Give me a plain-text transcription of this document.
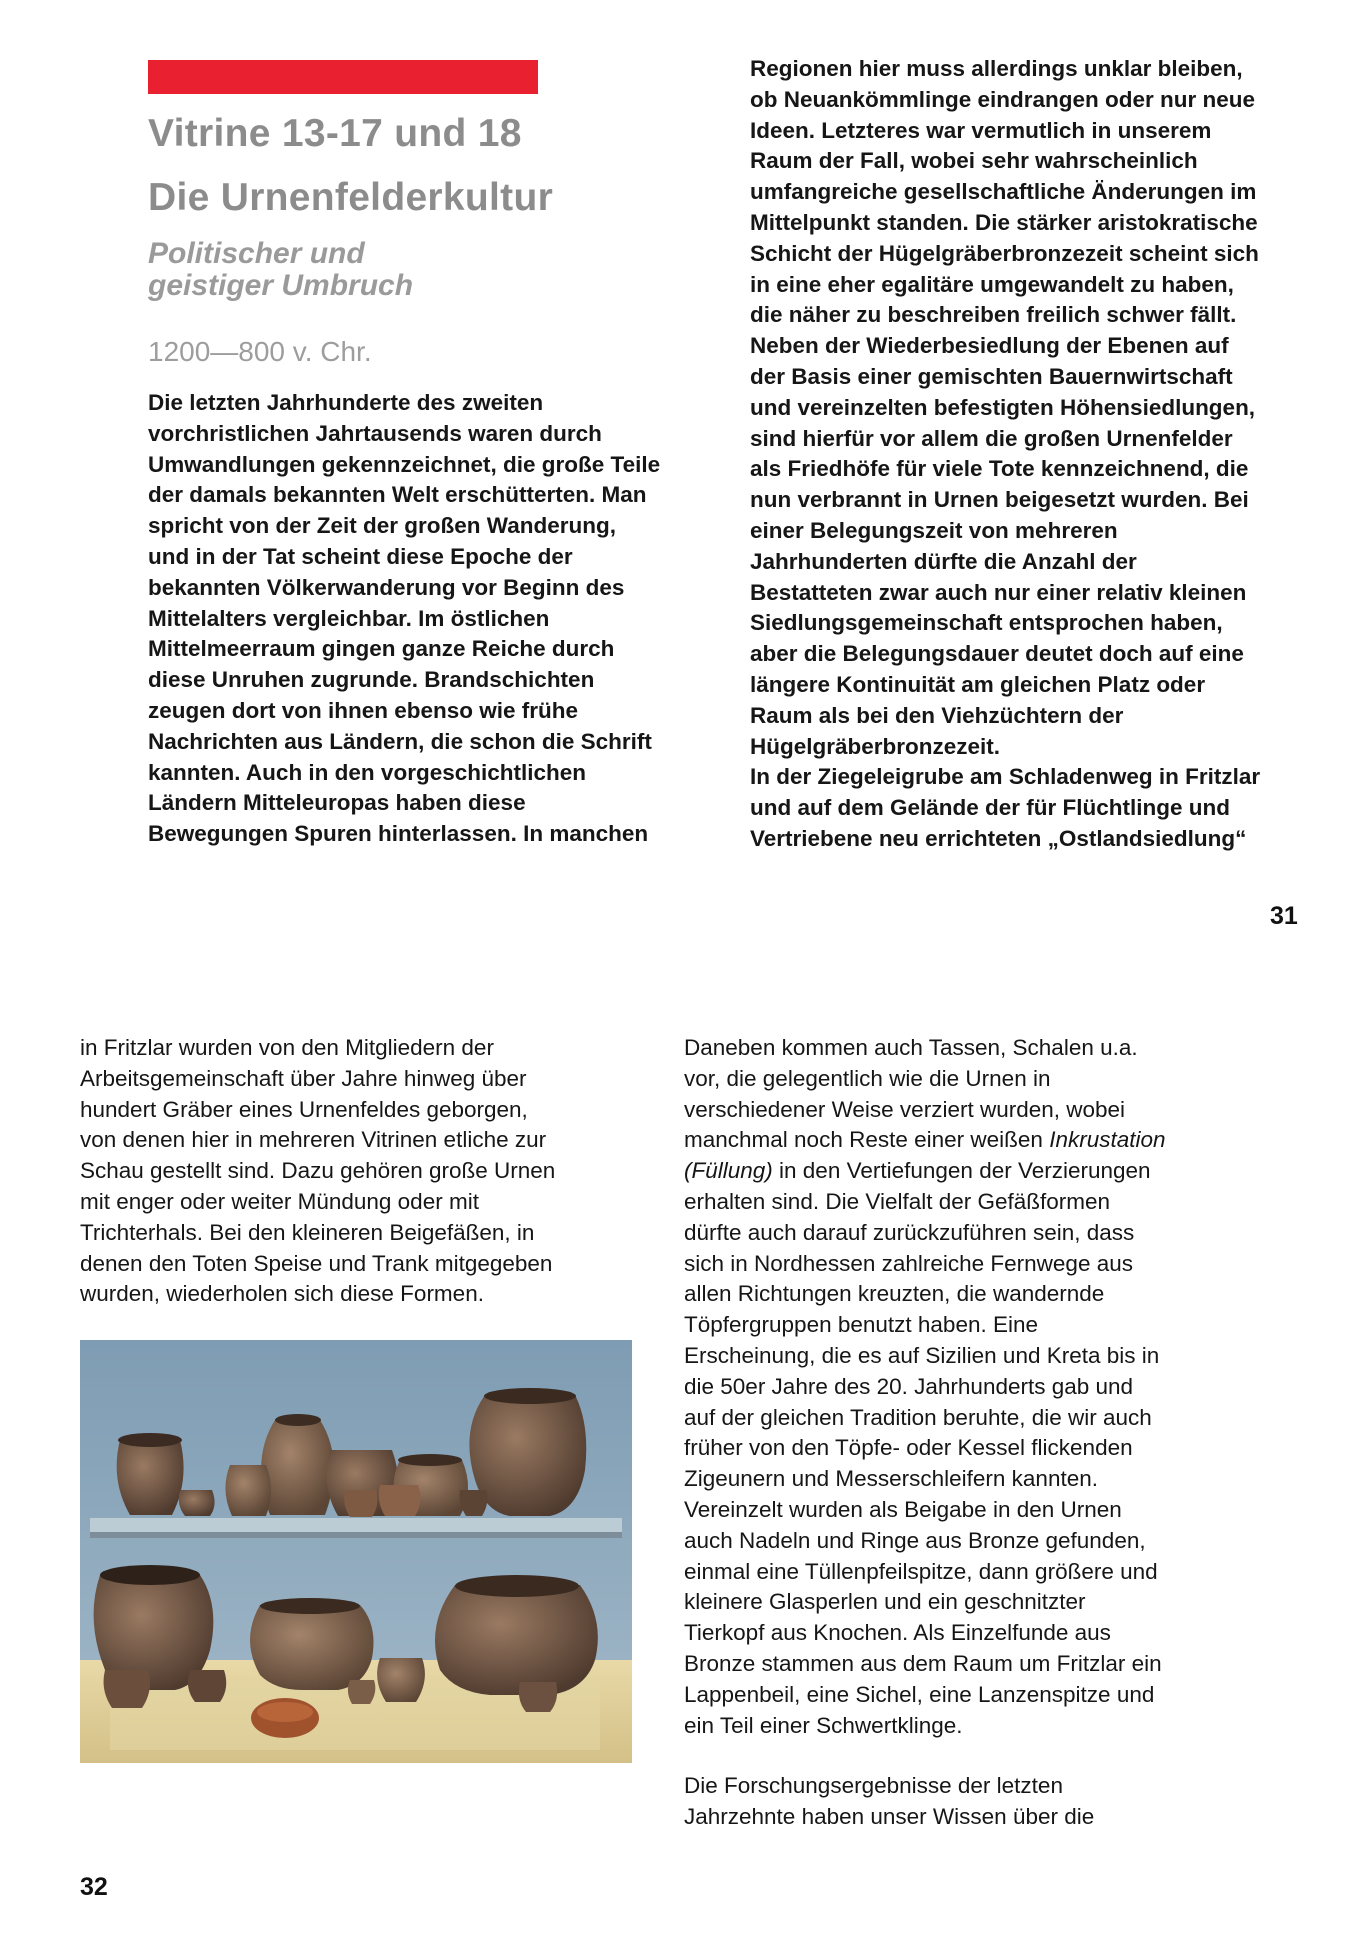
Vitrine 13-17 und 18
Die Urnenfelderkultur
Politischer und
geistiger Umbruch

1200—800 v. Chr.

Die letzten Jahrhunderte des zweiten
vorchristlichen Jahrtausends waren durch
Umwandlungen gekennzeichnet, die große Teile
der damals bekannten Welt erschütterten. Man
spricht von der Zeit der großen Wanderung,
und in der Tat scheint diese Epoche der
bekannten Völkerwanderung vor Beginn des
Mittelalters vergleichbar. Im östlichen
Mittelmeerraum gingen ganze Reiche durch
diese Unruhen zugrunde. Brandschichten
zeugen dort von ihnen ebenso wie frühe
Nachrichten aus Ländern, die schon die Schrift
kannten. Auch in den vorgeschichtlichen
Ländern Mitteleuropas haben diese
Bewegungen Spuren hinterlassen. In manchen

Regionen hier muss allerdings unklar bleiben,
ob Neuankömmlinge eindrangen oder nur neue
Ideen. Letzteres war vermutlich in unserem
Raum der Fall, wobei sehr wahrscheinlich
umfangreiche gesellschaftliche Änderungen im
Mittelpunkt standen. Die stärker aristokratische
Schicht der Hügelgräberbronzezeit scheint sich
in eine eher egalitäre umgewandelt zu haben,
die näher zu beschreiben freilich schwer fällt.
Neben der Wiederbesiedlung der Ebenen auf
der Basis einer gemischten Bauernwirtschaft
und vereinzelten befestigten Höhensiedlungen,
sind hierfür vor allem die großen Urnenfelder
als Friedhöfe für viele Tote kennzeichnend, die
nun verbrannt in Urnen beigesetzt wurden. Bei
einer Belegungszeit von mehreren
Jahrhunderten dürfte die Anzahl der
Bestatteten zwar auch nur einer relativ kleinen
Siedlungsgemeinschaft entsprochen haben,
aber die Belegungsdauer deutet doch auf eine
längere Kontinuität am gleichen Platz oder
Raum als bei den Viehzüchtern der
Hügelgräberbronzezeit.
In der Ziegeleigrube am Schladenweg in Fritzlar
und auf dem Gelände der für Flüchtlinge und
Vertriebene neu errichteten „Ostlandsiedlung“

31

in Fritzlar wurden von den Mitgliedern der
Arbeitsgemeinschaft über Jahre hinweg über
hundert Gräber eines Urnenfeldes geborgen,
von denen hier in mehreren Vitrinen etliche zur
Schau gestellt sind. Dazu gehören große Urnen
mit enger oder weiter Mündung oder mit
Trichterhals. Bei den kleineren Beigefäßen, in
denen den Toten Speise und Trank mitgegeben
wurden, wiederholen sich diese Formen.

Daneben kommen auch Tassen, Schalen u.a.
vor, die gelegentlich wie die Urnen in
verschiedener Weise verziert wurden, wobei
manchmal noch Reste einer weißen Inkrustation
(Füllung) in den Vertiefungen der Verzierungen
erhalten sind. Die Vielfalt der Gefäßformen
dürfte auch darauf zurückzuführen sein, dass
sich in Nordhessen zahlreiche Fernwege aus
allen Richtungen kreuzten, die wandernde
Töpfergruppen benutzt haben. Eine
Erscheinung, die es auf Sizilien und Kreta bis in
die 50er Jahre des 20. Jahrhunderts gab und
auf der gleichen Tradition beruhte, die wir auch
früher von den Töpfe- oder Kessel flickenden
Zigeunern und Messerschleifern kannten.
Vereinzelt wurden als Beigabe in den Urnen
auch Nadeln und Ringe aus Bronze gefunden,
einmal eine Tüllenpfeilspitze, dann größere und
kleinere Glasperlen und ein geschnitzter
Tierkopf aus Knochen. Als Einzelfunde aus
Bronze stammen aus dem Raum um Fritzlar ein
Lappenbeil, eine Sichel, eine Lanzenspitze und
ein Teil einer Schwertklinge.

Die Forschungsergebnisse der letzten
Jahrzehnte haben unser Wissen über die

32
